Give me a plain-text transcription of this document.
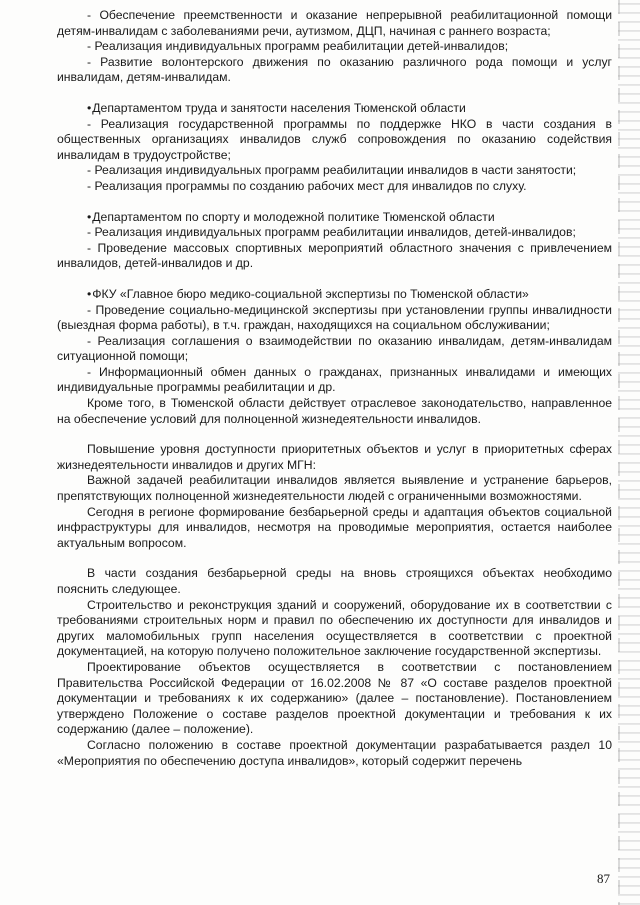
- Обеспечение преемственности и оказание непрерывной реабилитационной помощи детям-инвалидам с заболеваниями речи, аутизмом, ДЦП, начиная с раннего возраста;

- Реализация индивидуальных программ реабилитации детей-инвалидов;

- Развитие волонтерского движения по оказанию различного рода помощи и услуг инвалидам, детям-инвалидам.

• Департаментом труда и занятости населения Тюменской области

- Реализация государственной программы по поддержке НКО в части создания в общественных организациях инвалидов служб сопровождения по оказанию содействия инвалидам в трудоустройстве;

- Реализация индивидуальных программ реабилитации инвалидов в части занятости;

- Реализация программы по созданию рабочих мест для инвалидов по слуху.

• Департаментом по спорту и молодежной политике Тюменской области

- Реализация индивидуальных программ реабилитации инвалидов, детей-инвалидов;

- Проведение массовых спортивных мероприятий областного значения с привлечением инвалидов, детей-инвалидов и др.

• ФКУ «Главное бюро медико-социальной экспертизы по Тюменской области»

- Проведение социально-медицинской экспертизы при установлении группы инвалидности (выездная форма работы), в т.ч. граждан, находящихся на социальном обслуживании;

- Реализация соглашения о взаимодействии по оказанию инвалидам, детям-инвалидам ситуационной помощи;

- Информационный обмен данных о гражданах, признанных инвалидами и имеющих индивидуальные программы реабилитации и др.

Кроме того, в Тюменской области действует отраслевое законодательство, направленное на обеспечение условий для полноценной жизнедеятельности инвалидов.

Повышение уровня доступности приоритетных объектов и услуг в приоритетных сферах жизнедеятельности инвалидов и других МГН:

Важной задачей реабилитации инвалидов является выявление и устранение барьеров, препятствующих полноценной жизнедеятельности людей с ограниченными возможностями.

Сегодня в регионе формирование безбарьерной среды и адаптация объектов социальной инфраструктуры для инвалидов, несмотря на проводимые мероприятия, остается наиболее актуальным вопросом.

В части создания безбарьерной среды на вновь строящихся объектах необходимо пояснить следующее.

Строительство и реконструкция зданий и сооружений, оборудование их в соответствии с требованиями строительных норм и правил по обеспечению их доступности для инвалидов и других маломобильных групп населения осуществляется в соответствии с проектной документацией, на которую получено положительное заключение государственной экспертизы.

Проектирование объектов осуществляется в соответствии с постановлением Правительства Российской Федерации от 16.02.2008 № 87 «О составе разделов проектной документации и требованиях к их содержанию» (далее – постановление). Постановлением утверждено Положение о составе разделов проектной документации и требования к их содержанию (далее – положение).

Согласно положению в составе проектной документации разрабатывается раздел 10 «Мероприятия по обеспечению доступа инвалидов», который содержит перечень

87
